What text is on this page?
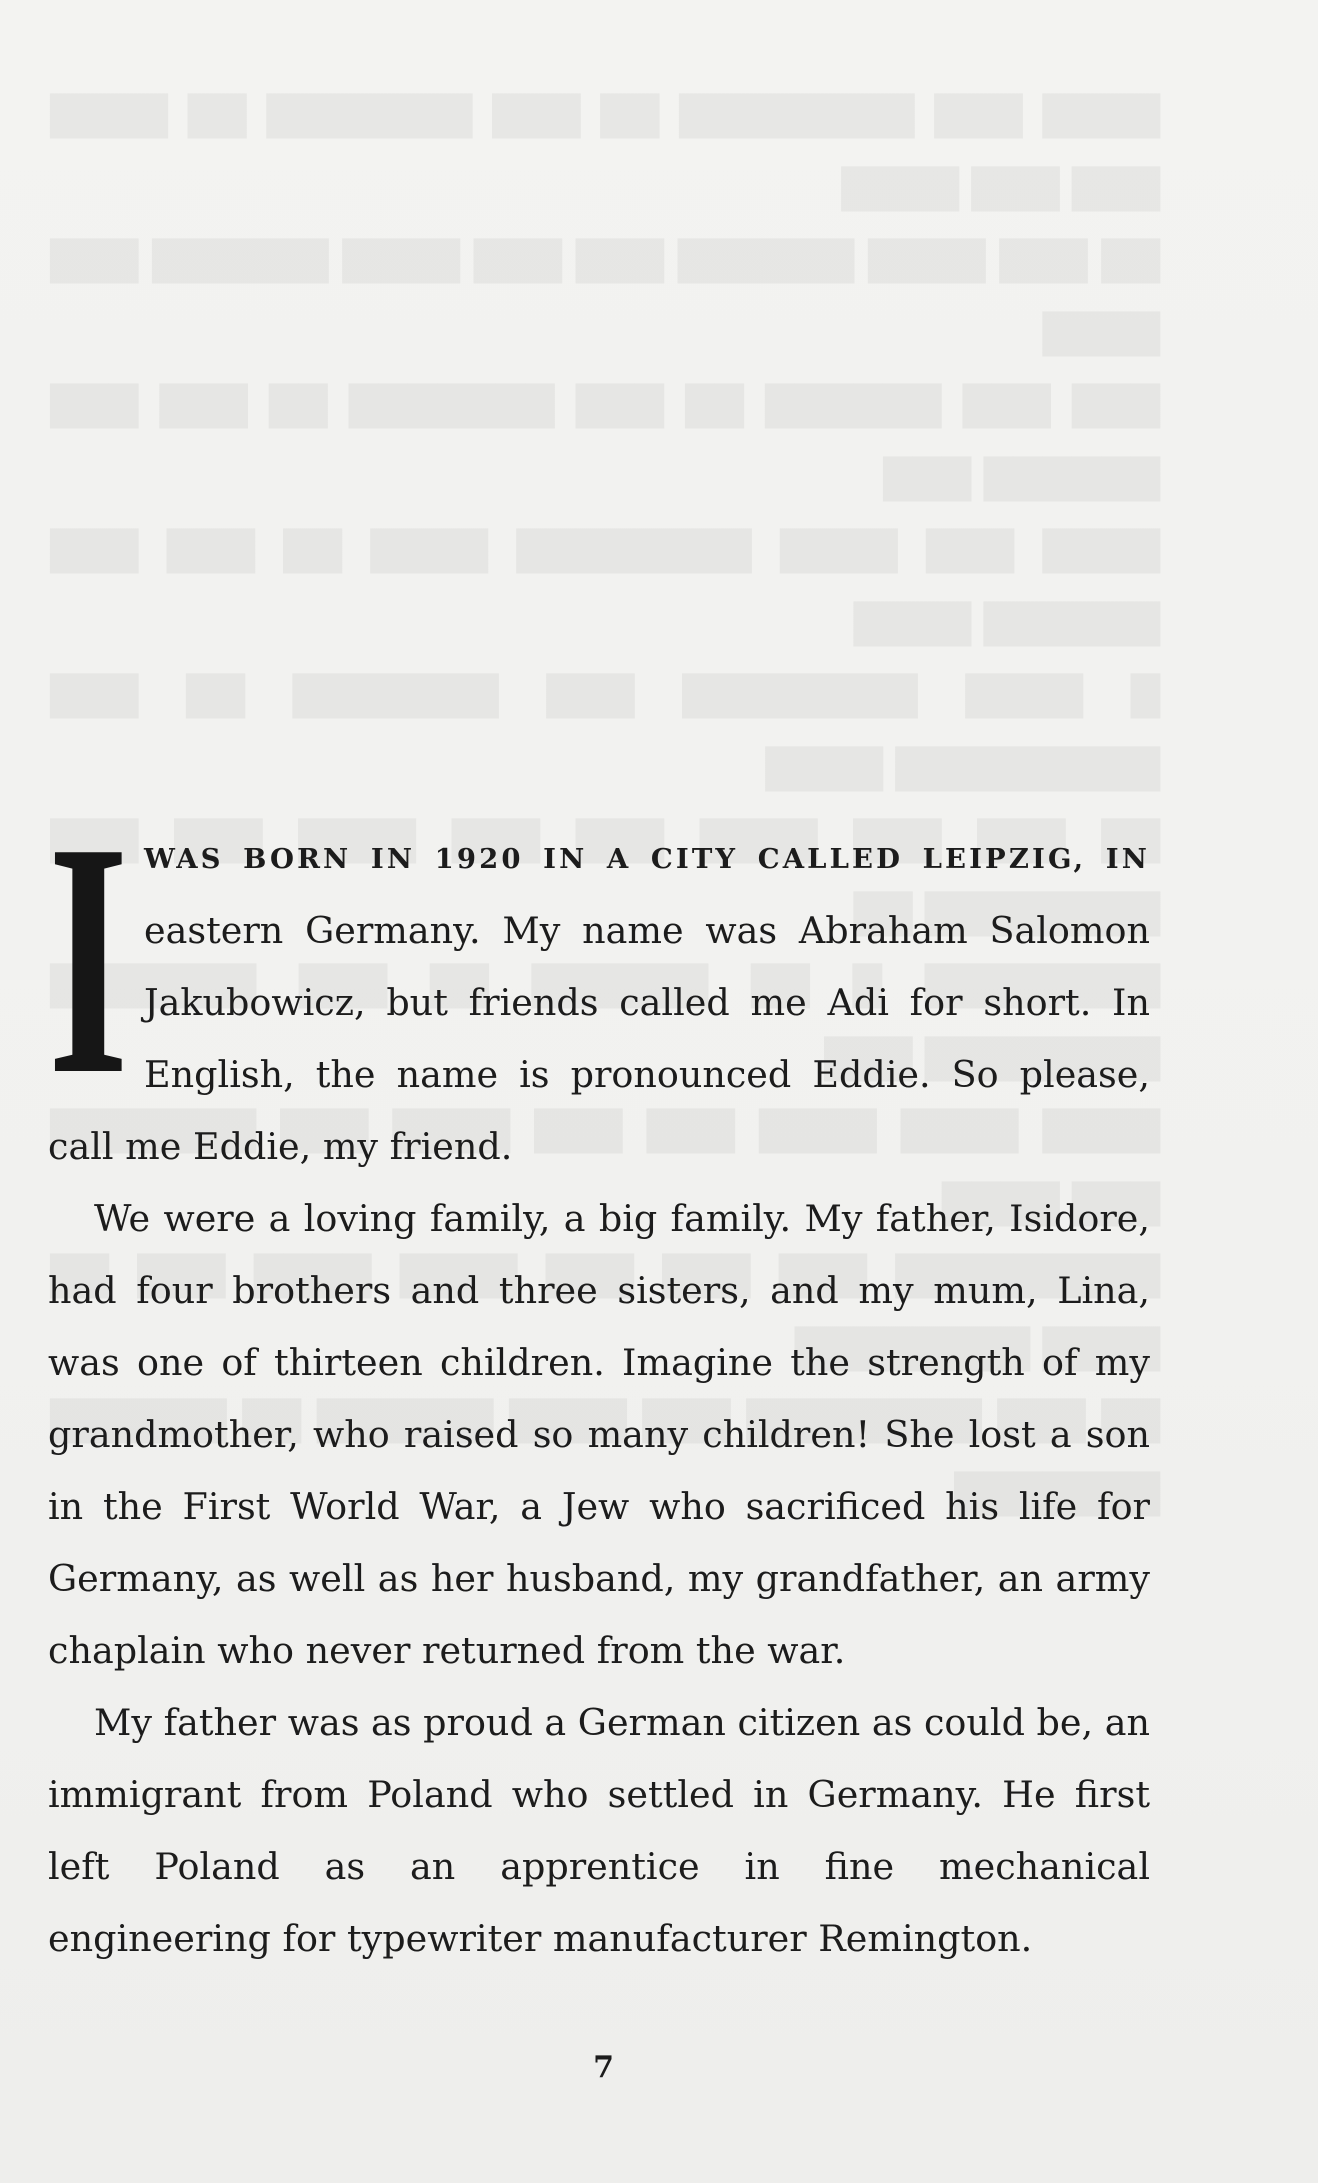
IWAS BORN IN 1920 IN A CITY CALLED LEIPZIG, IN eastern Germany. My name was Abraham Salomon Jakubowicz, but friends called me Adi for short. In English, the name is pronounced Eddie. So please, call me Eddie, my friend.

We were a loving family, a big family. My father, Isidore, had four brothers and three sisters, and my mum, Lina, was one of thirteen children. Imagine the strength of my grandmother, who raised so many children! She lost a son in the First World War, a Jew who sacrificed his life for Germany, as well as her husband, my grandfather, an army chaplain who never returned from the war.

My father was as proud a German citizen as could be, an immigrant from Poland who settled in Germany. He first left Poland as an apprentice in fine mechanical engineering for typewriter manufacturer Remington.

7
